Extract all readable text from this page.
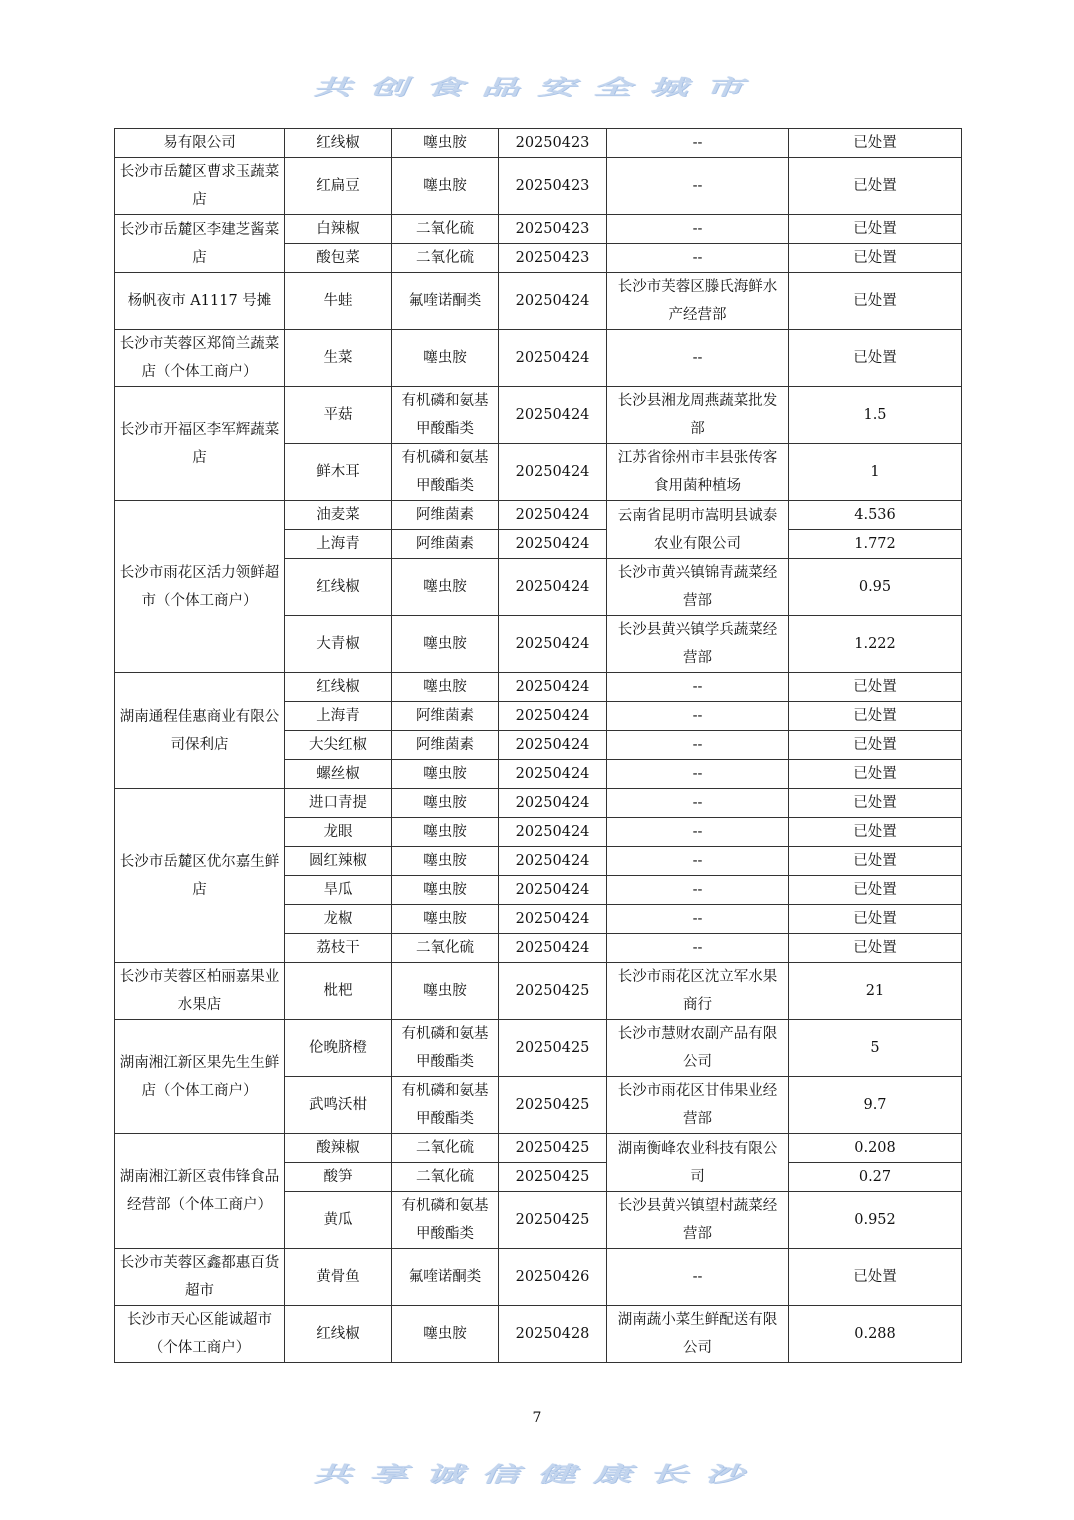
共创食品安全城市
易有限公司	红线椒	噻虫胺	20250423	--	已处置
长沙市岳麓区曹求玉蔬菜店	红扁豆	噻虫胺	20250423	--	已处置
长沙市岳麓区李建芝酱菜店	白辣椒	二氧化硫	20250423	--	已处置
	酸包菜	二氧化硫	20250423	--	已处置
杨帆夜市 A1117 号摊	牛蛙	氟喹诺酮类	20250424	长沙市芙蓉区滕氏海鲜水产经营部	已处置
长沙市芙蓉区郑简兰蔬菜店（个体工商户）	生菜	噻虫胺	20250424	--	已处置
长沙市开福区李军辉蔬菜店	平菇	有机磷和氨基甲酸酯类	20250424	长沙县湘龙周燕蔬菜批发部	1.5
	鲜木耳	有机磷和氨基甲酸酯类	20250424	江苏省徐州市丰县张传客食用菌种植场	1
长沙市雨花区活力领鲜超市（个体工商户）	油麦菜	阿维菌素	20250424	云南省昆明市嵩明县诚泰农业有限公司	4.536
	上海青	阿维菌素	20250424		1.772
	红线椒	噻虫胺	20250424	长沙市黄兴镇锦青蔬菜经营部	0.95
	大青椒	噻虫胺	20250424	长沙县黄兴镇学兵蔬菜经营部	1.222
湖南通程佳惠商业有限公司保利店	红线椒	噻虫胺	20250424	--	已处置
	上海青	阿维菌素	20250424	--	已处置
	大尖红椒	阿维菌素	20250424	--	已处置
	螺丝椒	噻虫胺	20250424	--	已处置
长沙市岳麓区优尔嘉生鲜店	进口青提	噻虫胺	20250424	--	已处置
	龙眼	噻虫胺	20250424	--	已处置
	圆红辣椒	噻虫胺	20250424	--	已处置
	旱瓜	噻虫胺	20250424	--	已处置
	龙椒	噻虫胺	20250424	--	已处置
	荔枝干	二氧化硫	20250424	--	已处置
长沙市芙蓉区柏丽嘉果业水果店	枇杷	噻虫胺	20250425	长沙市雨花区沈立军水果商行	21
湖南湘江新区果先生生鲜店（个体工商户）	伦晚脐橙	有机磷和氨基甲酸酯类	20250425	长沙市慧财农副产品有限公司	5
	武鸣沃柑	有机磷和氨基甲酸酯类	20250425	长沙市雨花区甘伟果业经营部	9.7
湖南湘江新区袁伟锋食品经营部（个体工商户）	酸辣椒	二氧化硫	20250425	湖南衡峰农业科技有限公司	0.208
	酸笋	二氧化硫	20250425		0.27
	黄瓜	有机磷和氨基甲酸酯类	20250425	长沙县黄兴镇望村蔬菜经营部	0.952
长沙市芙蓉区鑫都惠百货超市	黄骨鱼	氟喹诺酮类	20250426	--	已处置
长沙市天心区能诚超市（个体工商户）	红线椒	噻虫胺	20250428	湖南蔬小菜生鲜配送有限公司	0.288
7
共享诚信健康长沙
